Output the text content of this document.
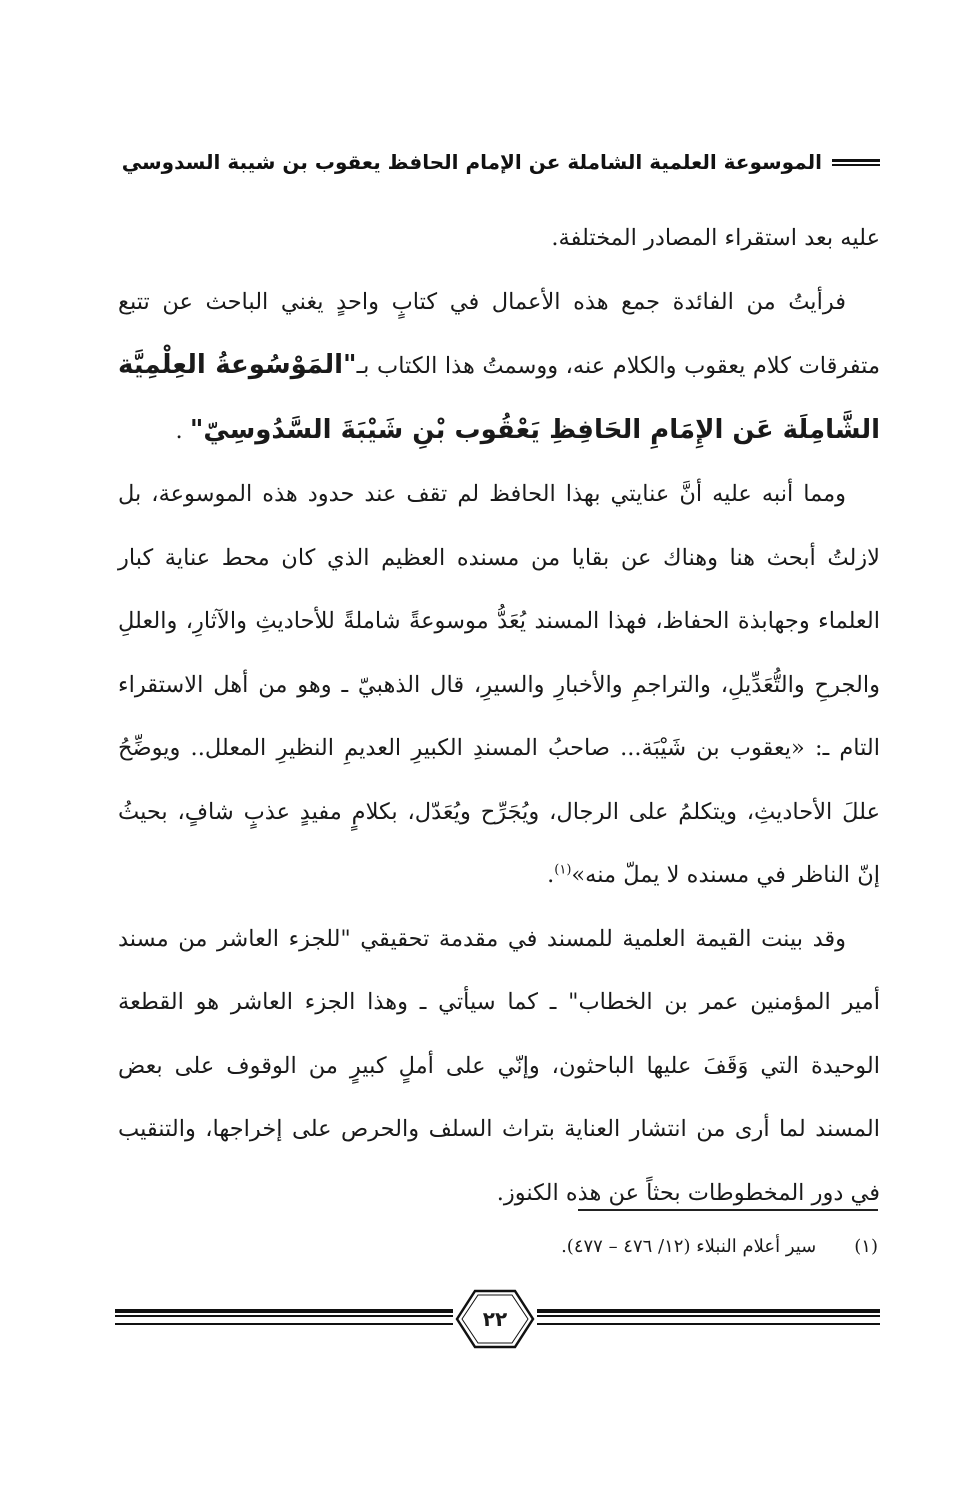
الموسوعة العلمية الشاملة عن الإمام الحافظ يعقوب بن شيبة السدوسي

عليه بعد استقراء المصادر المختلفة.

فرأيتُ من الفائدة جمع هذه الأعمال في كتابٍ واحدٍ يغني الباحث عن تتبع متفرقات كلام يعقوب والكلام عنه، ووسمتُ هذا الكتاب بـ"المَوْسُوعةُ العِلْمِيَّة الشَّامِلَة عَن الإِمَامِ الحَافِظِ يَعْقُوب بْنِ شَيْبَةَ السَّدُوسِيّ" .

ومما أنبه عليه أنَّ عنايتي بهذا الحافظ لم تقف عند حدود هذه الموسوعة، بل لازلتُ أبحث هنا وهناك عن بقايا من مسنده العظيم الذي كان محط عناية كبار العلماء وجهابذة الحفاظ، فهذا المسند يُعَدُّ موسوعةً شاملةً للأحاديثِ والآثارِ، والعللِ والجرحِ والتُّعَدِّيلِ، والتراجمِ والأخبارِ والسيرِ، قال الذهبيّ ـ وهو من أهل الاستقراء التام ـ: «يعقوب بن شَيْبَة... صاحبُ المسندِ الكبيرِ العديمِ النظيرِ المعلل.. ويوضِّحُ عللَ الأحاديثِ، ويتكلمُ على الرجال، ويُجَرِّح ويُعَدّل، بكلامٍ مفيدٍ عذبٍ شافٍ، بحيثُ إنّ الناظر في مسنده لا يملّ منه»$^{(١)}$.

وقد بينت القيمة العلمية للمسند في مقدمة تحقيقي "للجزء العاشر من مسند أمير المؤمنين عمر بن الخطاب" ـ كما سيأتي ـ وهذا الجزء العاشر هو القطعة الوحيدة التي وَقَفَ عليها الباحثون، وإنّي على أملٍ كبيرٍ من الوقوف على بعض المسند لما أرى من انتشار العناية بتراث السلف والحرص على إخراجها، والتنقيب في دور المخطوطات بحثاً عن هذه الكنوز.

(١)سير أعلام النبلاء (١٢/ ٤٧٦ – ٤٧٧).
٢٢
